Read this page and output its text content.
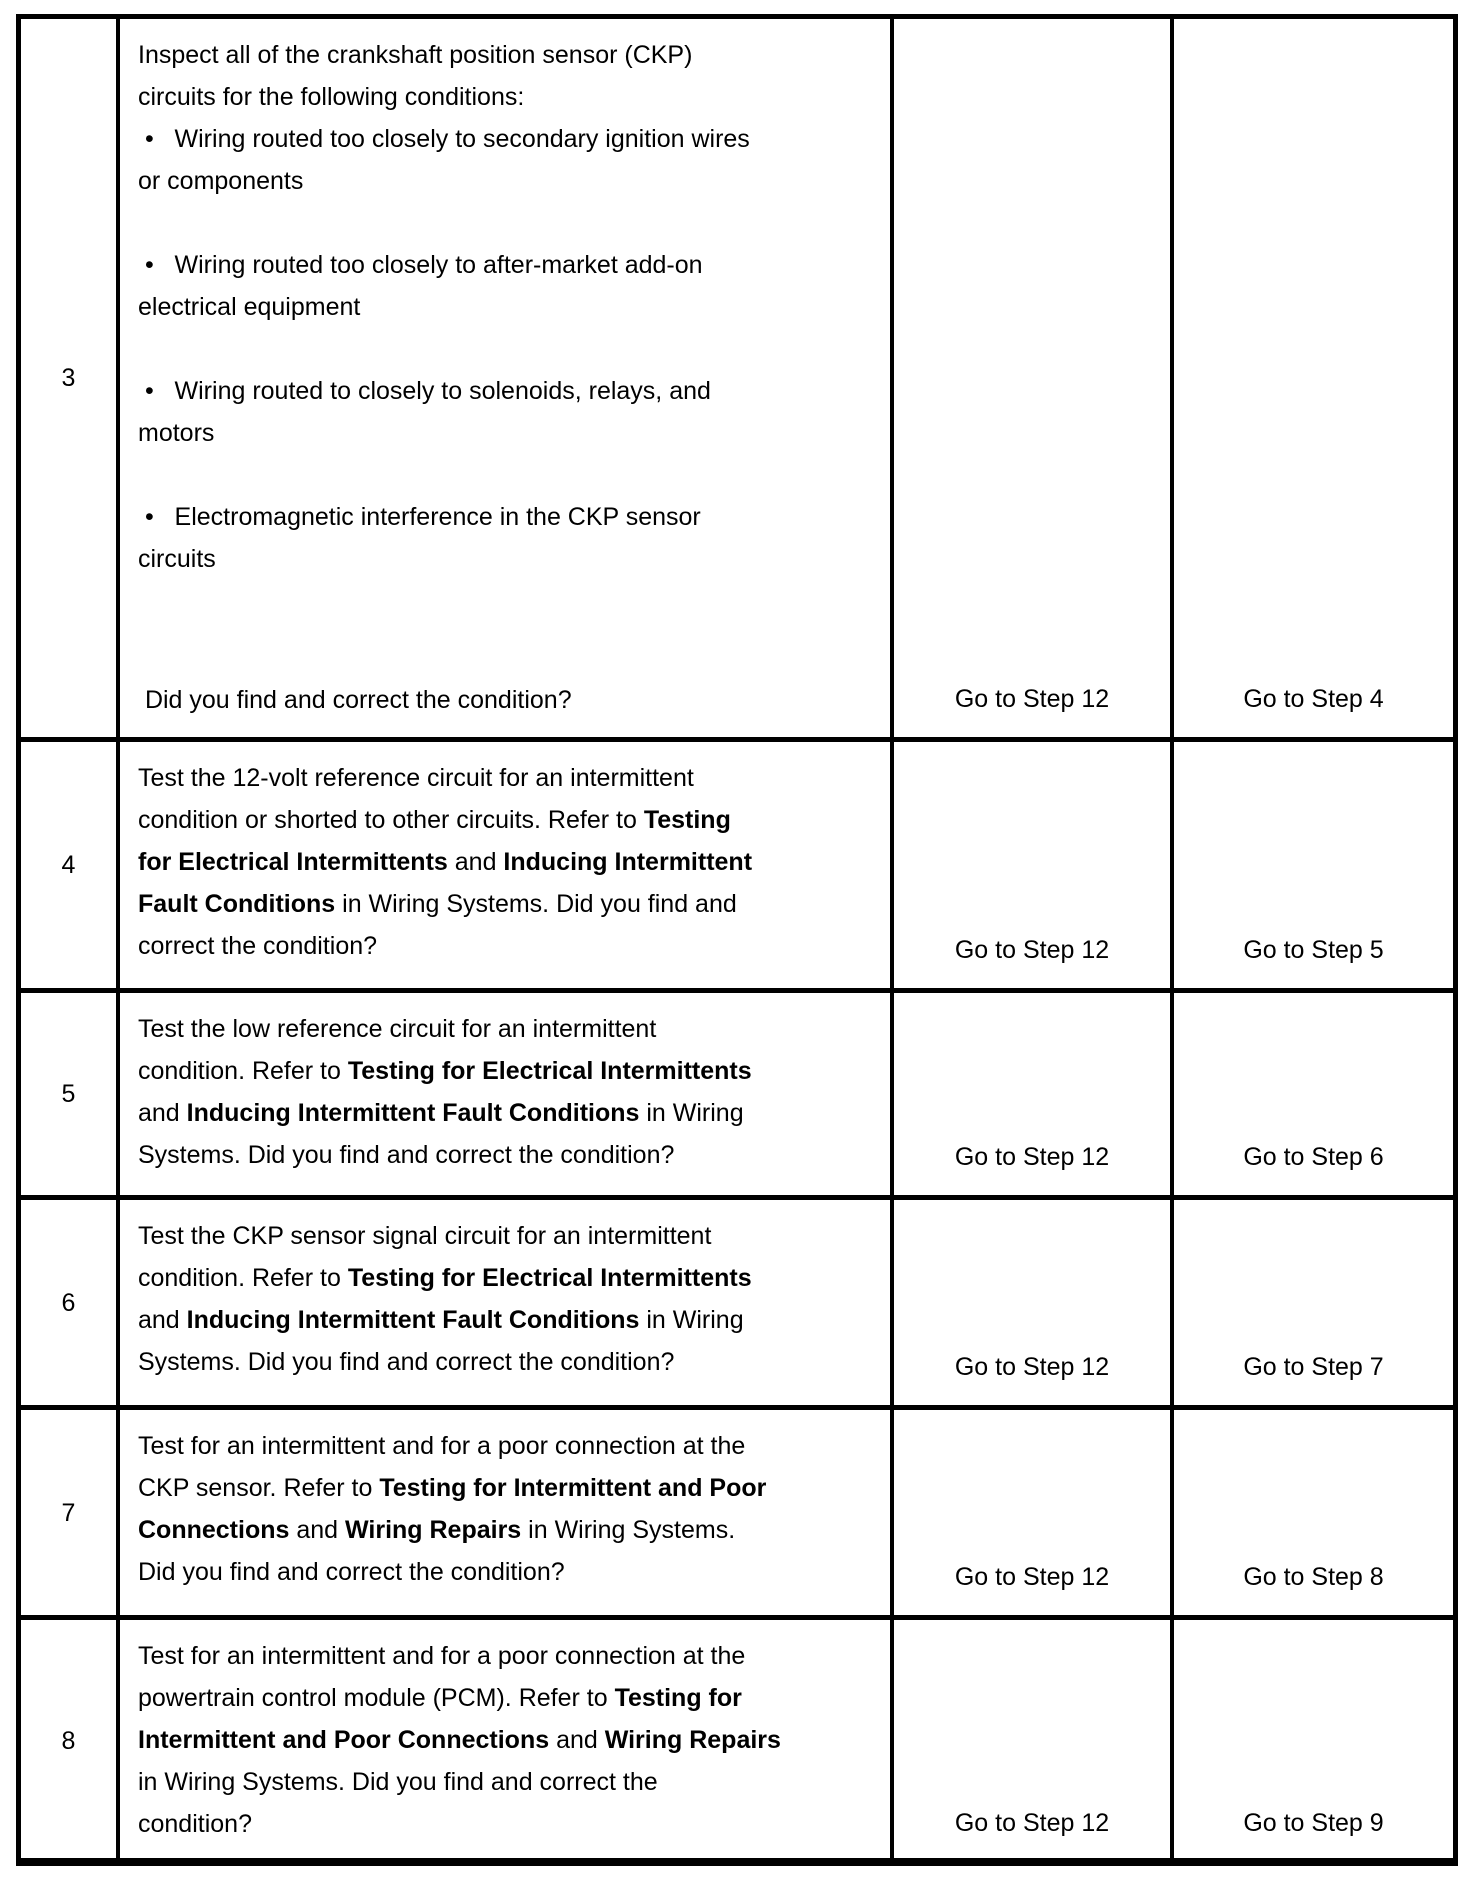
3
Inspect all of the crankshaft position sensor (CKP)
circuits for the following conditions:
•   Wiring routed too closely to secondary ignition wires
or components
•   Wiring routed too closely to after-market add-on
electrical equipment
•   Wiring routed to closely to solenoids, relays, and
motors
•   Electromagnetic interference in the CKP sensor
circuits
Did you find and correct the condition?	Go to Step 12	Go to Step 4
4
Test the 12-volt reference circuit for an intermittent
condition or shorted to other circuits. Refer to Testing
for Electrical Intermittents and Inducing Intermittent
Fault Conditions in Wiring Systems. Did you find and
correct the condition?	Go to Step 12	Go to Step 5
5
Test the low reference circuit for an intermittent
condition. Refer to Testing for Electrical Intermittents
and Inducing Intermittent Fault Conditions in Wiring
Systems. Did you find and correct the condition?	Go to Step 12	Go to Step 6
6
Test the CKP sensor signal circuit for an intermittent
condition. Refer to Testing for Electrical Intermittents
and Inducing Intermittent Fault Conditions in Wiring
Systems. Did you find and correct the condition?	Go to Step 12	Go to Step 7
7
Test for an intermittent and for a poor connection at the
CKP sensor. Refer to Testing for Intermittent and Poor
Connections and Wiring Repairs in Wiring Systems.
Did you find and correct the condition?	Go to Step 12	Go to Step 8
8
Test for an intermittent and for a poor connection at the
powertrain control module (PCM). Refer to Testing for
Intermittent and Poor Connections and Wiring Repairs
in Wiring Systems. Did you find and correct the
condition?	Go to Step 12	Go to Step 9
